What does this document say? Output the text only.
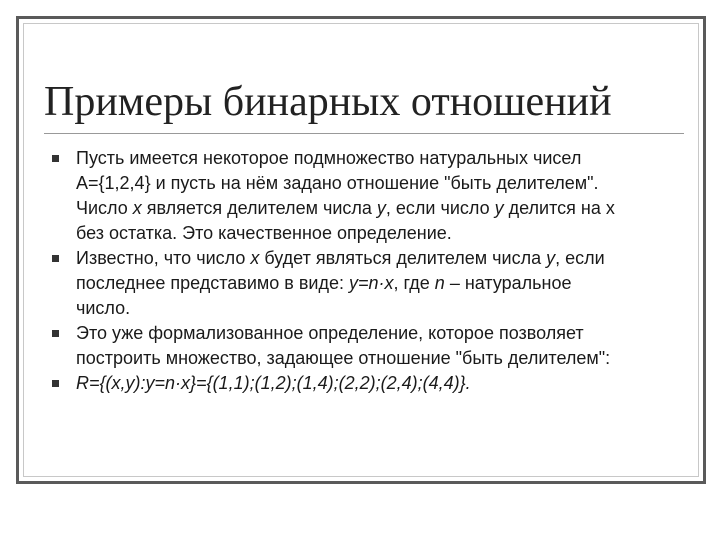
Примеры бинарных отношений
Пусть имеется некоторое подмножество натуральных чисел
A={1,2,4} и пусть на нём задано отношение "быть делителем".
Число x является делителем числа y, если число y делится на x
без остатка. Это качественное определение.
Известно, что число x будет являться делителем числа y, если
последнее представимо в виде: y=n·x, где n – натуральное
число.
Это уже формализованное определение, которое позволяет
построить множество, задающее отношение "быть делителем":
R={(x,y):y=n·x}={(1,1);(1,2);(1,4);(2,2);(2,4);(4,4)}.
